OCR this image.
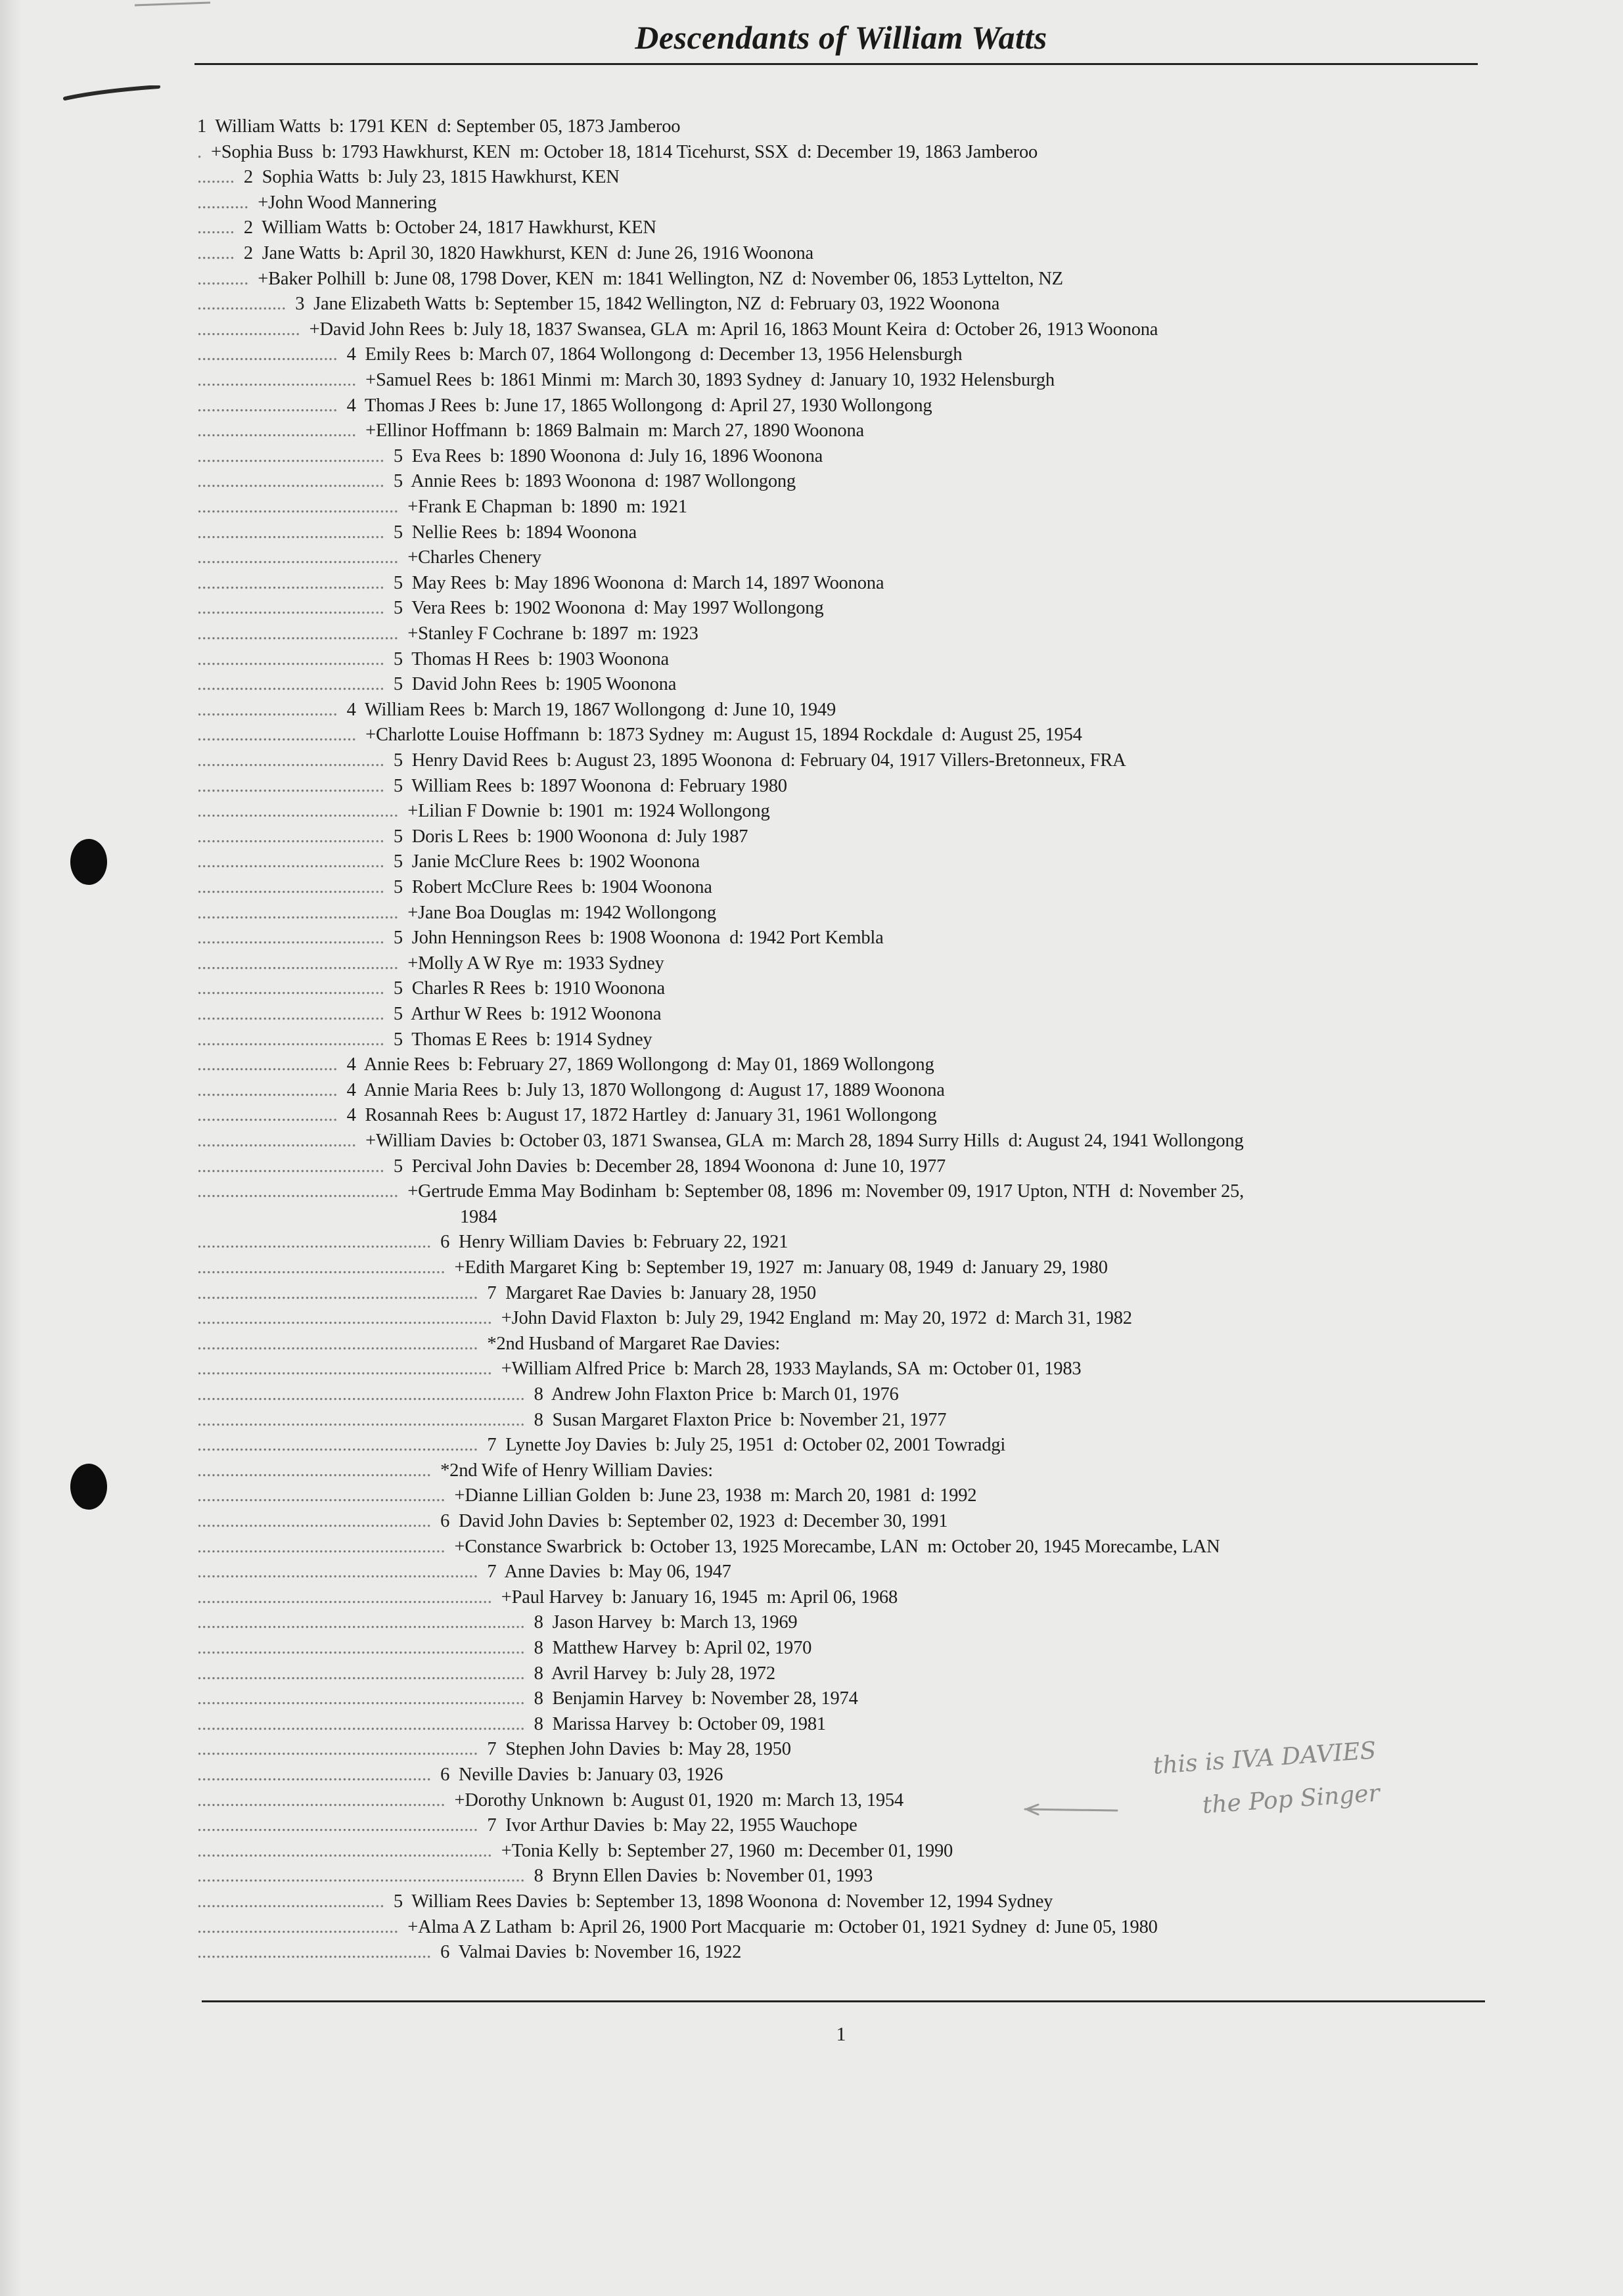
Descendants of William Watts
1  William Watts  b: 1791 KEN  d: September 05, 1873 Jamberoo
.  +Sophia Buss  b: 1793 Hawkhurst, KEN  m: October 18, 1814 Ticehurst, SSX  d: December 19, 1863 Jamberoo
........  2  Sophia Watts  b: July 23, 1815 Hawkhurst, KEN
...........  +John Wood Mannering
........  2  William Watts  b: October 24, 1817 Hawkhurst, KEN
........  2  Jane Watts  b: April 30, 1820 Hawkhurst, KEN  d: June 26, 1916 Woonona
...........  +Baker Polhill  b: June 08, 1798 Dover, KEN  m: 1841 Wellington, NZ  d: November 06, 1853 Lyttelton, NZ
...................  3  Jane Elizabeth Watts  b: September 15, 1842 Wellington, NZ  d: February 03, 1922 Woonona
......................  +David John Rees  b: July 18, 1837 Swansea, GLA  m: April 16, 1863 Mount Keira  d: October 26, 1913 Woonona
..............................  4  Emily Rees  b: March 07, 1864 Wollongong  d: December 13, 1956 Helensburgh
..................................  +Samuel Rees  b: 1861 Minmi  m: March 30, 1893 Sydney  d: January 10, 1932 Helensburgh
..............................  4  Thomas J Rees  b: June 17, 1865 Wollongong  d: April 27, 1930 Wollongong
..................................  +Ellinor Hoffmann  b: 1869 Balmain  m: March 27, 1890 Woonona
........................................  5  Eva Rees  b: 1890 Woonona  d: July 16, 1896 Woonona
........................................  5  Annie Rees  b: 1893 Woonona  d: 1987 Wollongong
...........................................  +Frank E Chapman  b: 1890  m: 1921
........................................  5  Nellie Rees  b: 1894 Woonona
...........................................  +Charles Chenery
........................................  5  May Rees  b: May 1896 Woonona  d: March 14, 1897 Woonona
........................................  5  Vera Rees  b: 1902 Woonona  d: May 1997 Wollongong
...........................................  +Stanley F Cochrane  b: 1897  m: 1923
........................................  5  Thomas H Rees  b: 1903 Woonona
........................................  5  David John Rees  b: 1905 Woonona
..............................  4  William Rees  b: March 19, 1867 Wollongong  d: June 10, 1949
..................................  +Charlotte Louise Hoffmann  b: 1873 Sydney  m: August 15, 1894 Rockdale  d: August 25, 1954
........................................  5  Henry David Rees  b: August 23, 1895 Woonona  d: February 04, 1917 Villers-Bretonneux, FRA
........................................  5  William Rees  b: 1897 Woonona  d: February 1980
...........................................  +Lilian F Downie  b: 1901  m: 1924 Wollongong
........................................  5  Doris L Rees  b: 1900 Woonona  d: July 1987
........................................  5  Janie McClure Rees  b: 1902 Woonona
........................................  5  Robert McClure Rees  b: 1904 Woonona
...........................................  +Jane Boa Douglas  m: 1942 Wollongong
........................................  5  John Henningson Rees  b: 1908 Woonona  d: 1942 Port Kembla
...........................................  +Molly A W Rye  m: 1933 Sydney
........................................  5  Charles R Rees  b: 1910 Woonona
........................................  5  Arthur W Rees  b: 1912 Woonona
........................................  5  Thomas E Rees  b: 1914 Sydney
..............................  4  Annie Rees  b: February 27, 1869 Wollongong  d: May 01, 1869 Wollongong
..............................  4  Annie Maria Rees  b: July 13, 1870 Wollongong  d: August 17, 1889 Woonona
..............................  4  Rosannah Rees  b: August 17, 1872 Hartley  d: January 31, 1961 Wollongong
..................................  +William Davies  b: October 03, 1871 Swansea, GLA  m: March 28, 1894 Surry Hills  d: August 24, 1941 Wollongong
........................................  5  Percival John Davies  b: December 28, 1894 Woonona  d: June 10, 1977
...........................................  +Gertrude Emma May Bodinham  b: September 08, 1896  m: November 09, 1917 Upton, NTH  d: November 25,
1984
..................................................  6  Henry William Davies  b: February 22, 1921
.....................................................  +Edith Margaret King  b: September 19, 1927  m: January 08, 1949  d: January 29, 1980
............................................................  7  Margaret Rae Davies  b: January 28, 1950
...............................................................  +John David Flaxton  b: July 29, 1942 England  m: May 20, 1972  d: March 31, 1982
............................................................  *2nd Husband of Margaret Rae Davies:
...............................................................  +William Alfred Price  b: March 28, 1933 Maylands, SA  m: October 01, 1983
......................................................................  8  Andrew John Flaxton Price  b: March 01, 1976
......................................................................  8  Susan Margaret Flaxton Price  b: November 21, 1977
............................................................  7  Lynette Joy Davies  b: July 25, 1951  d: October 02, 2001 Towradgi
..................................................  *2nd Wife of Henry William Davies:
.....................................................  +Dianne Lillian Golden  b: June 23, 1938  m: March 20, 1981  d: 1992
..................................................  6  David John Davies  b: September 02, 1923  d: December 30, 1991
.....................................................  +Constance Swarbrick  b: October 13, 1925 Morecambe, LAN  m: October 20, 1945 Morecambe, LAN
............................................................  7  Anne Davies  b: May 06, 1947
...............................................................  +Paul Harvey  b: January 16, 1945  m: April 06, 1968
......................................................................  8  Jason Harvey  b: March 13, 1969
......................................................................  8  Matthew Harvey  b: April 02, 1970
......................................................................  8  Avril Harvey  b: July 28, 1972
......................................................................  8  Benjamin Harvey  b: November 28, 1974
......................................................................  8  Marissa Harvey  b: October 09, 1981
............................................................  7  Stephen John Davies  b: May 28, 1950
..................................................  6  Neville Davies  b: January 03, 1926
.....................................................  +Dorothy Unknown  b: August 01, 1920  m: March 13, 1954
............................................................  7  Ivor Arthur Davies  b: May 22, 1955 Wauchope
...............................................................  +Tonia Kelly  b: September 27, 1960  m: December 01, 1990
......................................................................  8  Brynn Ellen Davies  b: November 01, 1993
........................................  5  William Rees Davies  b: September 13, 1898 Woonona  d: November 12, 1994 Sydney
...........................................  +Alma A Z Latham  b: April 26, 1900 Port Macquarie  m: October 01, 1921 Sydney  d: June 05, 1980
..................................................  6  Valmai Davies  b: November 16, 1922
this is IVA DAVIES
the Pop Singer
1
